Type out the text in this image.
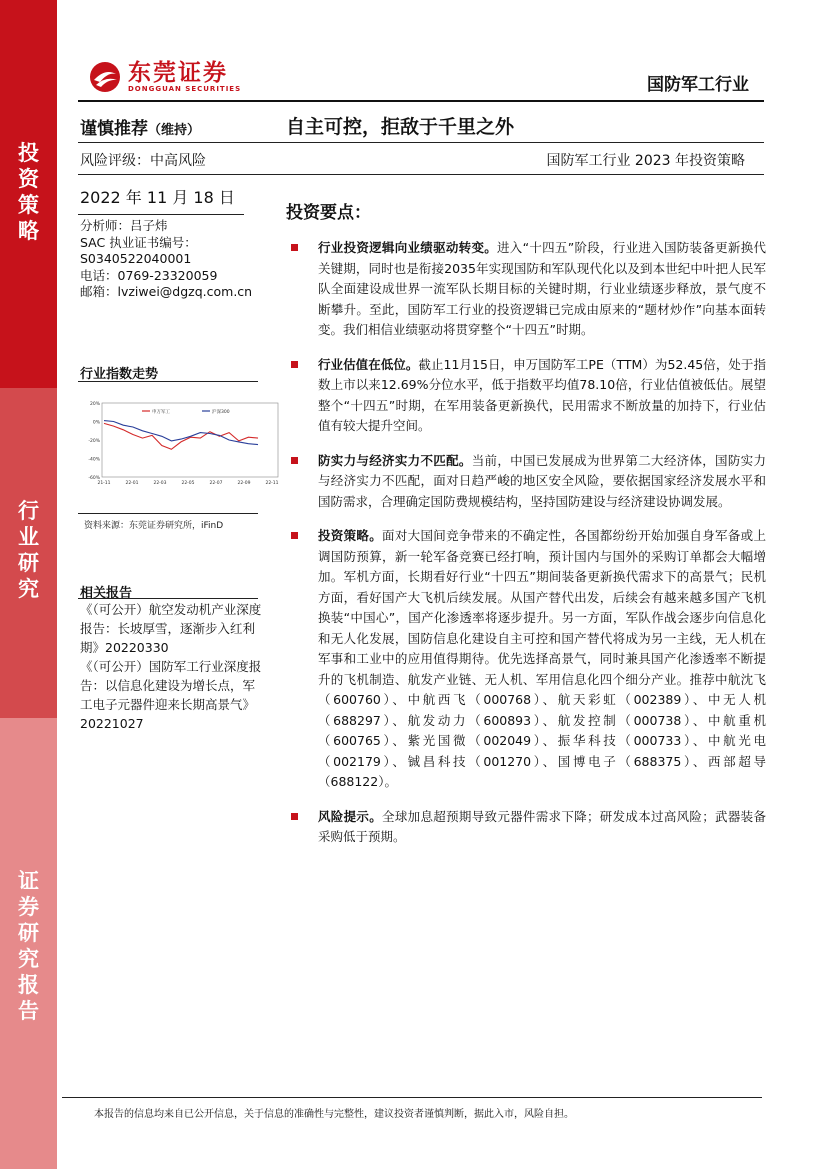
投资策略
行业研究
证券研究报告
东莞证券
DONGGUAN SECURITIES	国防军工行业
谨慎推荐（维持）	自主可控，拒敌于千里之外
风险评级：中高风险	国防军工行业 2023 年投资策略
2022 年 11 月 18 日
分析师：吕子炜
SAC 执业证书编号：
S0340522040001
电话：0769-23320059
邮箱：lvziwei@dgzq.com.cn
行业指数走势
20%
0%
-20%
-40%
-60%
21-11	22-01	22-03	22-05	22-07	22-09	22-11
申万军工	沪深300
资料来源：东莞证券研究所，iFinD
相关报告
《（可公开）航空发动机产业深度报告：长坡厚雪，逐渐步入红利期》20220330
《（可公开）国防军工行业深度报告：以信息化建设为增长点，军工电子元器件迎来长期高景气》20221027
投资要点：
行业投资逻辑向业绩驱动转变。进入“十四五”阶段，行业进入国防装备更新换代关键期，同时也是衔接2035年实现国防和军队现代化以及到本世纪中叶把人民军队全面建设成世界一流军队长期目标的关键时期，行业业绩逐步释放，景气度不断攀升。至此，国防军工行业的投资逻辑已完成由原来的“题材炒作”向基本面转变。我们相信业绩驱动将贯穿整个“十四五”时期。
行业估值在低位。截止11月15日，申万国防军工PE（TTM）为52.45倍，处于指数上市以来12.69%分位水平，低于指数平均值78.10倍，行业估值被低估。展望整个“十四五”时期，在军用装备更新换代，民用需求不断放量的加持下，行业估值有较大提升空间。
防实力与经济实力不匹配。当前，中国已发展成为世界第二大经济体，国防实力与经济实力不匹配，面对日趋严峻的地区安全风险，要依据国家经济发展水平和国防需求，合理确定国防费规模结构，坚持国防建设与经济建设协调发展。
投资策略。面对大国间竞争带来的不确定性，各国都纷纷开始加强自身军备或上调国防预算，新一轮军备竞赛已经打响，预计国内与国外的采购订单都会大幅增加。军机方面，长期看好行业“十四五”期间装备更新换代需求下的高景气；民机方面，看好国产大飞机后续发展。从国产替代出发，后续会有越来越多国产飞机换装“中国心”，国产化渗透率将逐步提升。另一方面，军队作战会逐步向信息化和无人化发展，国防信息化建设自主可控和国产替代将成为另一主线，无人机在军事和工业中的应用值得期待。优先选择高景气，同时兼具国产化渗透率不断提升的飞机制造、航发产业链、无人机、军用信息化四个细分产业。推荐中航沈飞（600760）、中航西飞（000768）、航天彩虹（002389）、中无人机（688297）、航发动力（600893）、航发控制（000738）、中航重机（600765）、紫光国微（002049）、振华科技（000733）、中航光电（002179）、铖昌科技（001270）、国博电子（688375）、西部超导（688122）。
风险提示。全球加息超预期导致元器件需求下降；研发成本过高风险；武器装备采购低于预期。
本报告的信息均来自已公开信息，关于信息的准确性与完整性，建议投资者谨慎判断，据此入市，风险自担。
